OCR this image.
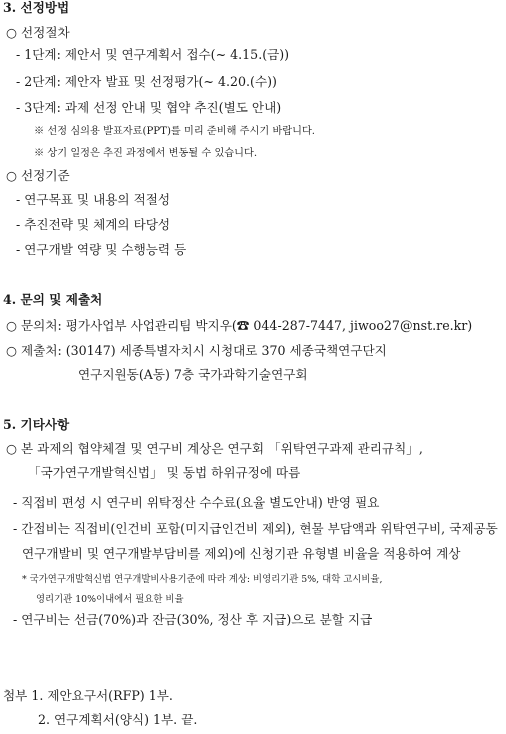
3. 선정방법
○ 선정절차
- 1단계: 제안서 및 연구계획서 접수(~ 4.15.(금))
- 2단계: 제안자 발표 및 선정평가(~ 4.20.(수))
- 3단계: 과제 선정 안내 및 협약 추진(별도 안내)
※ 선정 심의용 발표자료(PPT)를 미리 준비해 주시기 바랍니다.
※ 상기 일정은 추진 과정에서 변동될 수 있습니다.
○ 선정기준
- 연구목표 및 내용의 적절성
- 추진전략 및 체계의 타당성
- 연구개발 역량 및 수행능력 등
4. 문의 및 제출처
○ 문의처: 평가사업부 사업관리팀 박지우(☎ 044-287-7447, jiwoo27@nst.re.kr)
○ 제출처: (30147) 세종특별자치시 시청대로 370 세종국책연구단지
연구지원동(A동) 7층 국가과학기술연구회
5. 기타사항
○ 본 과제의 협약체결 및 연구비 계상은 연구회 「위탁연구과제 관리규칙」,
「국가연구개발혁신법」 및 동법 하위규정에 따름
- 직접비 편성 시 연구비 위탁정산 수수료(요율 별도안내) 반영 필요
- 간접비는 직접비(인건비 포함(미지급인건비 제외), 현물 부담액과 위탁연구비, 국제공동
연구개발비 및 연구개발부담비를 제외)에 신청기관 유형별 비율을 적용하여 계상
* 국가연구개발혁신법 연구개발비사용기준에 따라 계상: 비영리기관 5%, 대학 고시비율,
영리기관 10%이내에서 필요한 비율
- 연구비는 선금(70%)과 잔금(30%, 정산 후 지급)으로 분할 지급
첨부 1. 제안요구서(RFP) 1부.
2. 연구계획서(양식) 1부. 끝.
